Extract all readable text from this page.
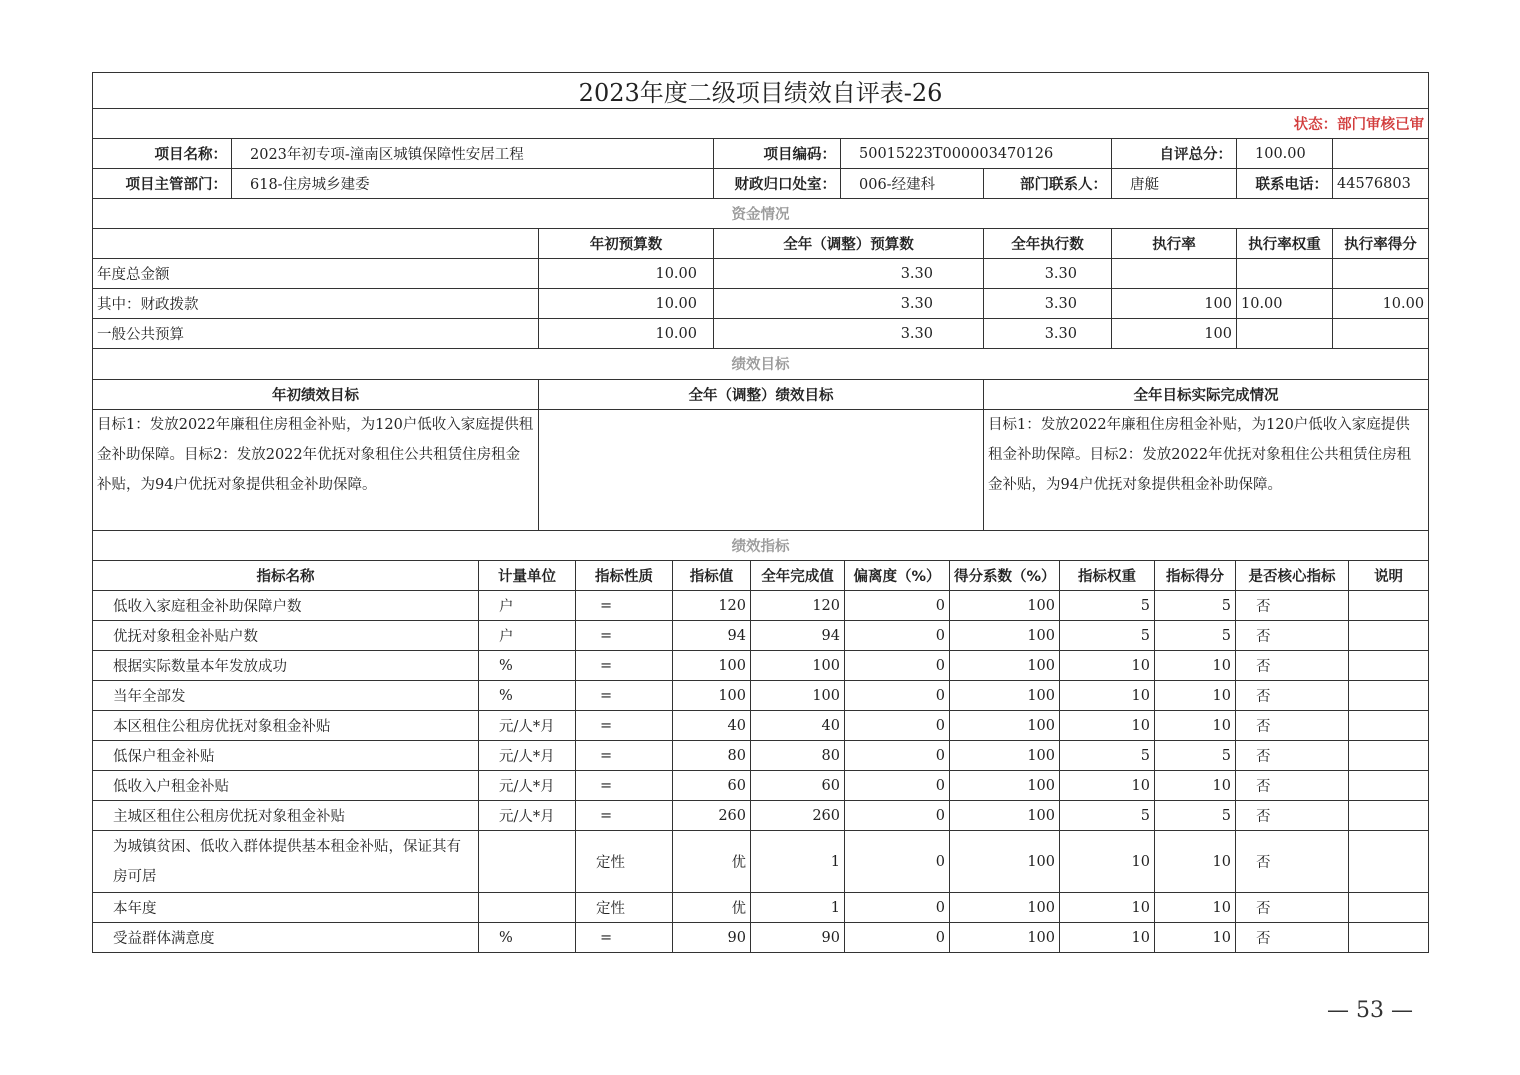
2023年度二级项目绩效自评表-26								
状态：部门审核已审								
项目名称：	2023年初专项-潼南区城镇保障性安居工程		项目编码：	50015223T000003470126		自评总分：	100.00	
项目主管部门：	618-住房城乡建委		财政归口处室：	006-经建科	部门联系人：	唐艇	联系电话：	44576803
资金情况								
		年初预算数	全年（调整）预算数		全年执行数	执行率	执行率权重	执行率得分
年度总金额		10.00	3.30		3.30			
其中：财政拨款		10.00	3.30		3.30	100	10.00	10.00
一般公共预算		10.00	3.30		3.30	100		
绩效目标		
年初绩效目标	全年（调整）绩效目标	全年目标实际完成情况
目标1：发放2022年廉租住房租金补贴，为120户低收入家庭提供租金补助保障。目标2：发放2022年优抚对象租住公共租赁住房租金补贴，为94户优抚对象提供租金补助保障。		目标1：发放2022年廉租住房租金补贴，为120户低收入家庭提供租金补助保障。目标2：发放2022年优抚对象租住公共租赁住房租金补贴，为94户优抚对象提供租金补助保障。
绩效指标										
指标名称	计量单位	指标性质	指标值	全年完成值	偏离度（%）	得分系数（%）	指标权重	指标得分	是否核心指标	说明
低收入家庭租金补助保障户数	户	=	120	120	0	100	5	5	否	
优抚对象租金补贴户数	户	=	94	94	0	100	5	5	否	
根据实际数量本年发放成功	%	=	100	100	0	100	10	10	否	
当年全部发	%	=	100	100	0	100	10	10	否	
本区租住公租房优抚对象租金补贴	元/人*月	=	40	40	0	100	10	10	否	
低保户租金补贴	元/人*月	=	80	80	0	100	5	5	否	
低收入户租金补贴	元/人*月	=	60	60	0	100	10	10	否	
主城区租住公租房优抚对象租金补贴	元/人*月	=	260	260	0	100	5	5	否	
为城镇贫困、低收入群体提供基本租金补贴，保证其有房可居		定性	优	1	0	100	10	10	否	
本年度		定性	优	1	0	100	10	10	否	
受益群体满意度	%	=	90	90	0	100	10	10	否	
— 53 —
